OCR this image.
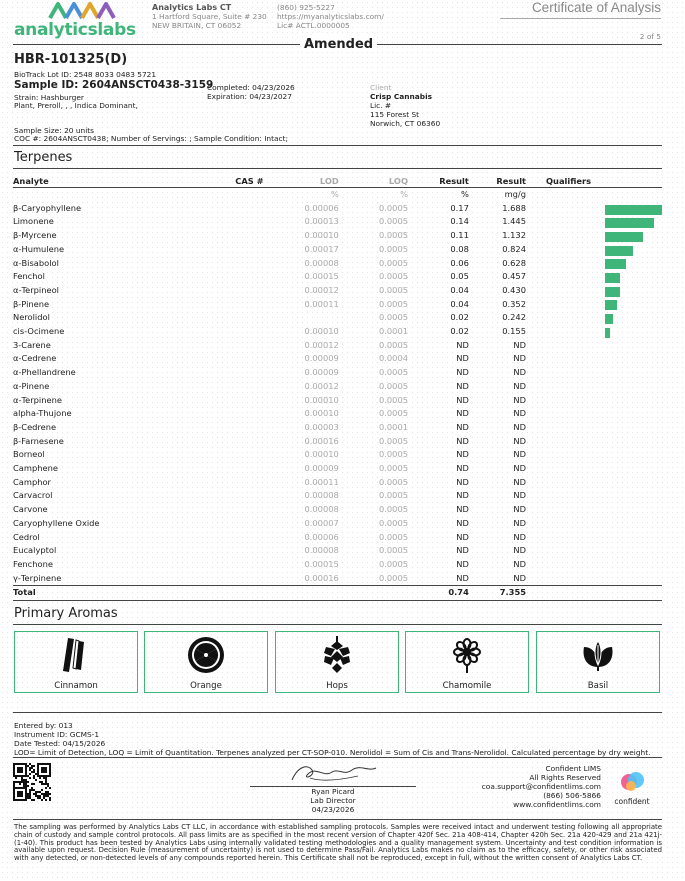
analyticslabs
Analytics Labs CT
1 Hartford Square, Suite # 230
NEW BRITAIN, CT 06052
(860) 925-5227
https://myanalyticslabs.com/
Lic# ACTL.0000005
Certificate of Analysis
2 of 5
Amended
HBR-101325(D)
BioTrack Lot ID: 2548 8033 0483 5721
Sample ID: 2604ANSCT0438-3159
Strain: Hashburger
Plant, Preroll, , , Indica Dominant,
Completed: 04/23/2026
Expiration: 04/23/2027
Client
Crisp Cannabis
Lic. #
115 Forest St
Norwich, CT 06360
Sample Size: 20 units
COC #: 2604ANSCT0438; Number of Servings: ; Sample Condition: Intact;
Terpenes
Analyte	CAS #	LOD	LOQ	Result	Result	Qualifiers
		%	%	%	mg/g	
β-Caryophyllene		0.00006	0.0005	0.17	1.688	

Limonene		0.00013	0.0005	0.14	1.445	

β-Myrcene		0.00010	0.0005	0.11	1.132	

α-Humulene		0.00017	0.0005	0.08	0.824	

α-Bisabolol		0.00008	0.0005	0.06	0.628	

Fenchol		0.00015	0.0005	0.05	0.457	

α-Terpineol		0.00012	0.0005	0.04	0.430	

β-Pinene		0.00011	0.0005	0.04	0.352	

Nerolidol			0.0005	0.02	0.242	

cis-Ocimene		0.00010	0.0001	0.02	0.155	

3-Carene		0.00012	0.0005	ND	ND	
α-Cedrene		0.00009	0.0004	ND	ND	
α-Phellandrene		0.00009	0.0005	ND	ND	
α-Pinene		0.00012	0.0005	ND	ND	
α-Terpinene		0.00010	0.0005	ND	ND	
alpha-Thujone		0.00010	0.0005	ND	ND	
β-Cedrene		0.00003	0.0001	ND	ND	
β-Farnesene		0.00016	0.0005	ND	ND	
Borneol		0.00010	0.0005	ND	ND	
Camphene		0.00009	0.0005	ND	ND	
Camphor		0.00011	0.0005	ND	ND	
Carvacrol		0.00008	0.0005	ND	ND	
Carvone		0.00008	0.0005	ND	ND	
Caryophyllene Oxide		0.00007	0.0005	ND	ND	
Cedrol		0.00006	0.0005	ND	ND	
Eucalyptol		0.00008	0.0005	ND	ND	
Fenchone		0.00015	0.0005	ND	ND	
γ-Terpinene		0.00016	0.0005	ND	ND	
Total				0.74	7.355	
Primary Aromas
Cinnamon	Orange	Hops	Chamomile	Basil
Entered by: 013
Instrument ID: GCMS-1
Date Tested: 04/15/2026
LOD= Limit of Detection, LOQ = Limit of Quantitation. Terpenes analyzed per CT-SOP-010. Nerolidol = Sum of Cis and Trans-Nerolidol. Calculated percentage by dry weight.
Ryan Picard
Lab Director
04/23/2026
Confident LIMS
All Rights Reserved
coa.support@confidentlims.com
(866) 506-5866
www.confidentlims.com	confident
The sampling was performed by Analytics Labs CT LLC, in accordance with established sampling protocols. Samples were received intact and underwent testing following all appropriate chain of custody and sample control protocols. All pass limits are as specified in the most recent version of Chapter 420f Sec. 21a 408-414, Chapter 420h Sec. 21a 420-429 and 21a 421j-(1-40). This product has been tested by Analytics Labs using internally validated testing methodologies and a quality management system. Uncertainty and test condition information is available upon request. Decision Rule (measurement of uncertainty) is not used to determine Pass/Fail. Analytics Labs makes no claim as to the efficacy, safety, or other risk associated with any detected, or non-detected levels of any compounds reported herein. This Certificate shall not be reproduced, except in full, without the written consent of Analytics Labs CT.
